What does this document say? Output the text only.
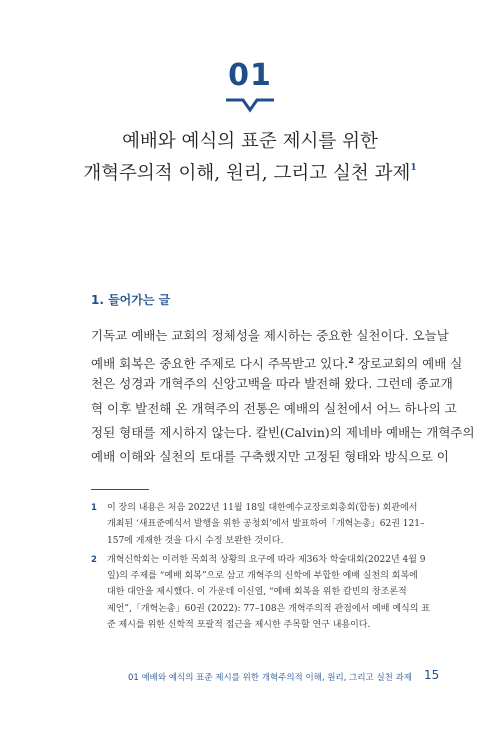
01
예배와 예식의 표준 제시를 위한
개혁주의적 이해, 원리, 그리고 실천 과제$^1$
1. 들어가는 글
기독교 예배는 교회의 정체성을 제시하는 중요한 실천이다. 오늘날
예배 회복은 중요한 주제로 다시 주목받고 있다.$^2$ 장로교회의 예배 실
천은 성경과 개혁주의 신앙고백을 따라 발전해 왔다. 그런데 종교개
혁 이후 발전해 온 개혁주의 전통은 예배의 실천에서 어느 하나의 고
정된 형태를 제시하지 않는다. 칼빈(Calvin)의 제네바 예배는 개혁주의
예배 이해와 실천의 토대를 구축했지만 고정된 형태와 방식으로 이
1 이 장의 내용은 처음 2022년 11월 18일 대한예수교장로회총회(합동) 회관에서
개최된 ‘새표준예식서 발행을 위한 공청회’에서 발표하여「개혁논총」62권 121–
157에 게재한 것을 다시 수정 보완한 것이다.
2 개혁신학회는 이러한 목회적 상황의 요구에 따라 제36차 학술대회(2022년 4월 9
일)의 주제를 “예배 회복”으로 삼고 개혁주의 신학에 부합한 예배 실천의 회복에
대한 대안을 제시했다. 이 가운데 이신열, “예배 회복을 위한 칼빈의 창조론적
제언”,「개혁논총」60권 (2022): 77–108은 개혁주의적 관점에서 예배 예식의 표
준 제시를 위한 신학적 포괄적 접근을 제시한 주목할 연구 내용이다.
01 예배와 예식의 표준 제시를 위한 개혁주의적 이해, 원리, 그리고 실천 과제 15
